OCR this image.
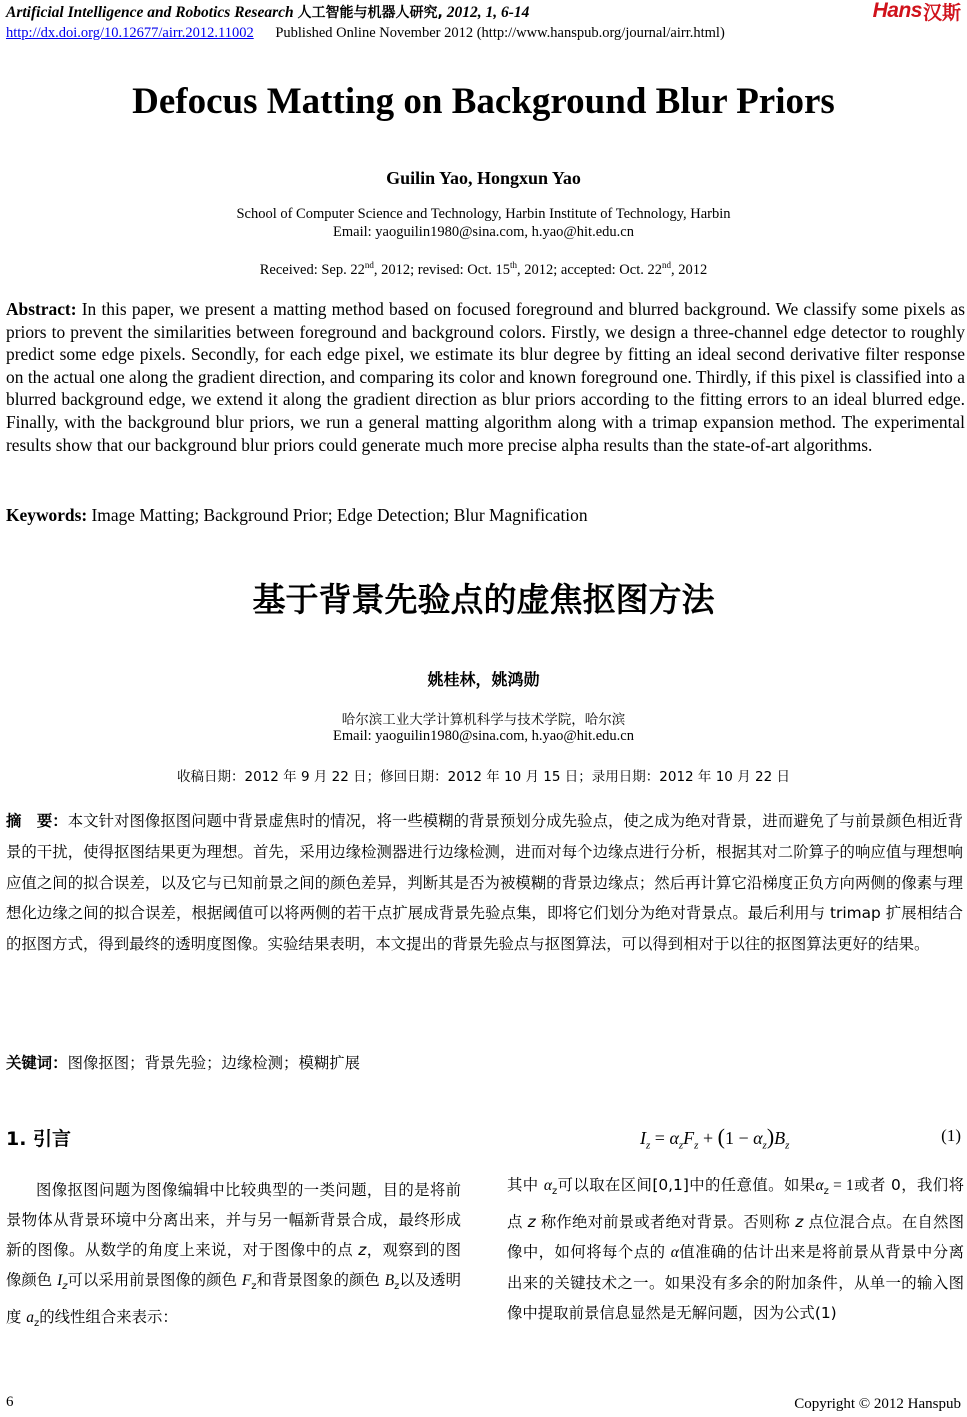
Artificial Intelligence and Robotics Research 人工智能与机器人研究, 2012, 1, 6-14	Hans 汉斯
http://dx.doi.org/10.12677/airr.2012.11002 Published Online November 2012 (http://www.hanspub.org/journal/airr.html)
Defocus Matting on Background Blur Priors
Guilin Yao, Hongxun Yao
School of Computer Science and Technology, Harbin Institute of Technology, Harbin
Email: yaoguilin1980@sina.com, h.yao@hit.edu.cn
Received: Sep. 22nd, 2012; revised: Oct. 15th, 2012; accepted: Oct. 22nd, 2012
Abstract: In this paper, we present a matting method based on focused foreground and blurred background. We classify some pixels as priors to prevent the similarities between foreground and background colors. Firstly, we design a three-channel edge detector to roughly predict some edge pixels. Secondly, for each edge pixel, we estimate its blur degree by fitting an ideal second derivative filter response on the actual one along the gradient direction, and comparing its color and known foreground one. Thirdly, if this pixel is classified into a blurred background edge, we extend it along the gradient direction as blur priors according to the fitting errors to an ideal blurred edge. Finally, with the background blur priors, we run a general matting algorithm along with a trimap expansion method. The experimental results show that our background blur priors could generate much more precise alpha results than the state-of-art algorithms.
Keywords: Image Matting; Background Prior; Edge Detection; Blur Magnification
基于背景先验点的虚焦抠图方法
姚桂林，姚鸿勋
哈尔滨工业大学计算机科学与技术学院，哈尔滨
Email: yaoguilin1980@sina.com, h.yao@hit.edu.cn
收稿日期：2012 年 9 月 22 日；修回日期：2012 年 10 月 15 日；录用日期：2012 年 10 月 22 日
摘　要：本文针对图像抠图问题中背景虚焦时的情况，将一些模糊的背景预划分成先验点，使之成为绝对背景，进而避免了与前景颜色相近背景的干扰，使得抠图结果更为理想。首先，采用边缘检测器进行边缘检测，进而对每个边缘点进行分析，根据其对二阶算子的响应值与理想响应值之间的拟合误差，以及它与已知前景之间的颜色差异，判断其是否为被模糊的背景边缘点；然后再计算它沿梯度正负方向两侧的像素与理想化边缘之间的拟合误差，根据阈值可以将两侧的若干点扩展成背景先验点集，即将它们划分为绝对背景点。最后利用与 trimap 扩展相结合的抠图方式，得到最终的透明度图像。实验结果表明，本文提出的背景先验点与抠图算法，可以得到相对于以往的抠图算法更好的结果。
关键词：图像抠图；背景先验；边缘检测；模糊扩展
1. 引言
图像抠图问题为图像编辑中比较典型的一类问题，目的是将前景物体从背景环境中分离出来，并与另一幅新背景合成，最终形成新的图像。从数学的角度上来说，对于图像中的点 z，观察到的图像颜色 $I_z$可以采用前景图像的颜色 $F_z$和背景图象的颜色 $B_z$以及透明度 $a_z$的线性组合来表示：
$I_z = \alpha_zF_z + (1 - \alpha_z)B_z$
(1)
其中 $\alpha_z$可以取在区间[0,1]中的任意值。如果$\alpha_z = 1$或者 0，我们将点 z 称作绝对前景或者绝对背景。否则称 z 点位混合点。在自然图像中，如何将每个点的 α值准确的估计出来是将前景从背景中分离出来的关键技术之一。如果没有多余的附加条件，从单一的输入图像中提取前景信息显然是无解问题，因为公式(1)
6	Copyright © 2012 Hanspub
